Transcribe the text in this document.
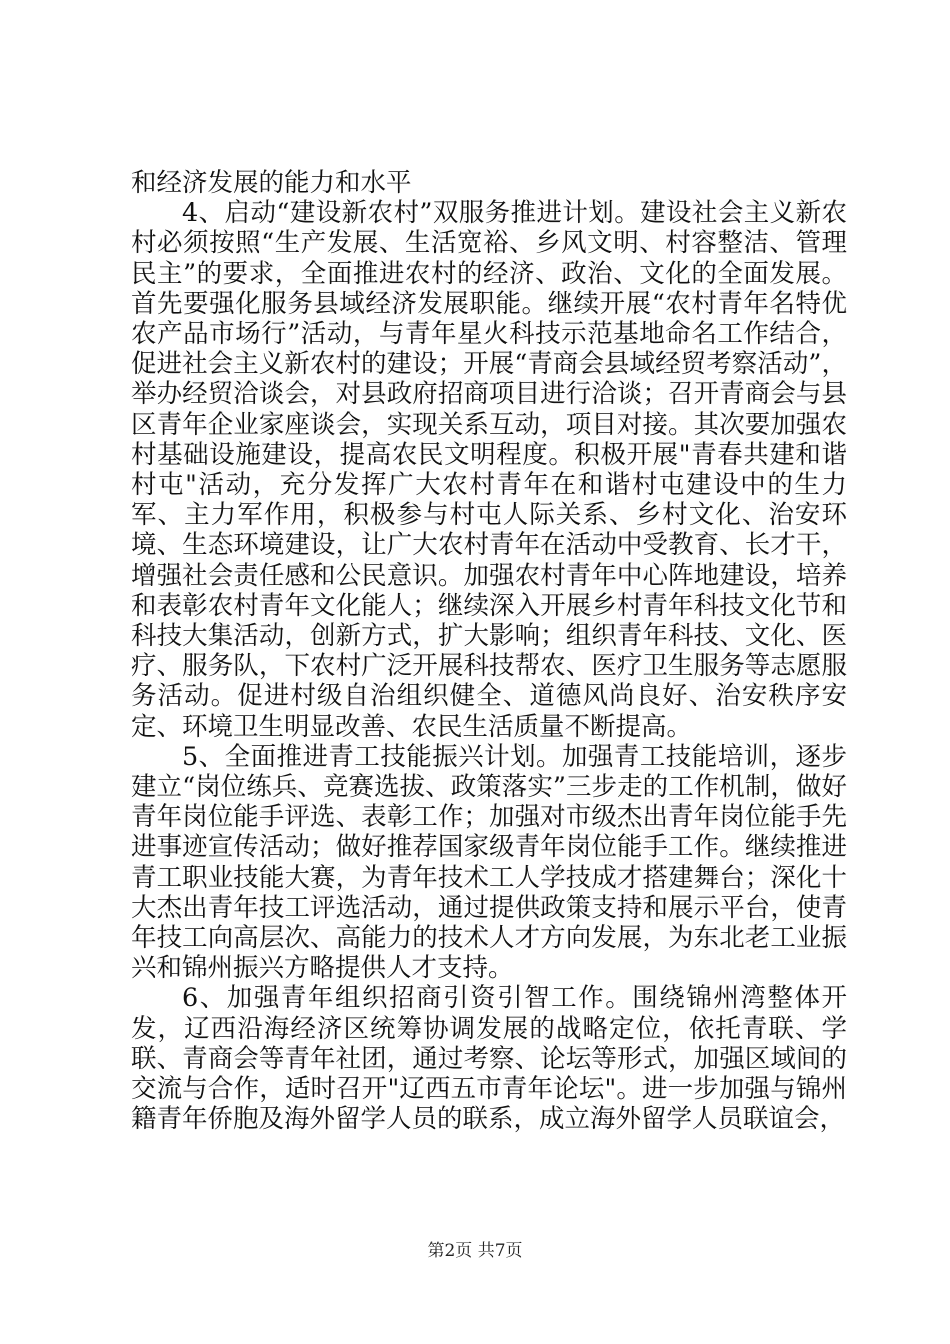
和经济发展的能力和水平

4、启动“建设新农村”双服务推进计划。建设社会主义新农村必须按照“生产发展、生活宽裕、乡风文明、村容整洁、管理民主”的要求，全面推进农村的经济、政治、文化的全面发展。首先要强化服务县域经济发展职能。继续开展“农村青年名特优农产品市场行”活动，与青年星火科技示范基地命名工作结合，促进社会主义新农村的建设；开展“青商会县域经贸考察活动”，举办经贸洽谈会，对县政府招商项目进行洽谈；召开青商会与县区青年企业家座谈会，实现关系互动，项目对接。其次要加强农村基础设施建设，提高农民文明程度。积极开展"青春共建和谐村屯"活动，充分发挥广大农村青年在和谐村屯建设中的生力军、主力军作用，积极参与村屯人际关系、乡村文化、治安环境、生态环境建设，让广大农村青年在活动中受教育、长才干，增强社会责任感和公民意识。加强农村青年中心阵地建设，培养和表彰农村青年文化能人；继续深入开展乡村青年科技文化节和科技大集活动，创新方式，扩大影响；组织青年科技、文化、医疗、服务队，下农村广泛开展科技帮农、医疗卫生服务等志愿服务活动。促进村级自治组织健全、道德风尚良好、治安秩序安定、环境卫生明显改善、农民生活质量不断提高。

5、全面推进青工技能振兴计划。加强青工技能培训，逐步建立“岗位练兵、竞赛选拔、政策落实”三步走的工作机制，做好青年岗位能手评选、表彰工作；加强对市级杰出青年岗位能手先进事迹宣传活动；做好推荐国家级青年岗位能手工作。继续推进青工职业技能大赛，为青年技术工人学技成才搭建舞台；深化十大杰出青年技工评选活动，通过提供政策支持和展示平台，使青年技工向高层次、高能力的技术人才方向发展，为东北老工业振兴和锦州振兴方略提供人才支持。

6、加强青年组织招商引资引智工作。围绕锦州湾整体开发，辽西沿海经济区统筹协调发展的战略定位，依托青联、学联、青商会等青年社团，通过考察、论坛等形式，加强区域间的交流与合作，适时召开"辽西五市青年论坛"。进一步加强与锦州籍青年侨胞及海外留学人员的联系，成立海外留学人员联谊会，

第2页 共7页
